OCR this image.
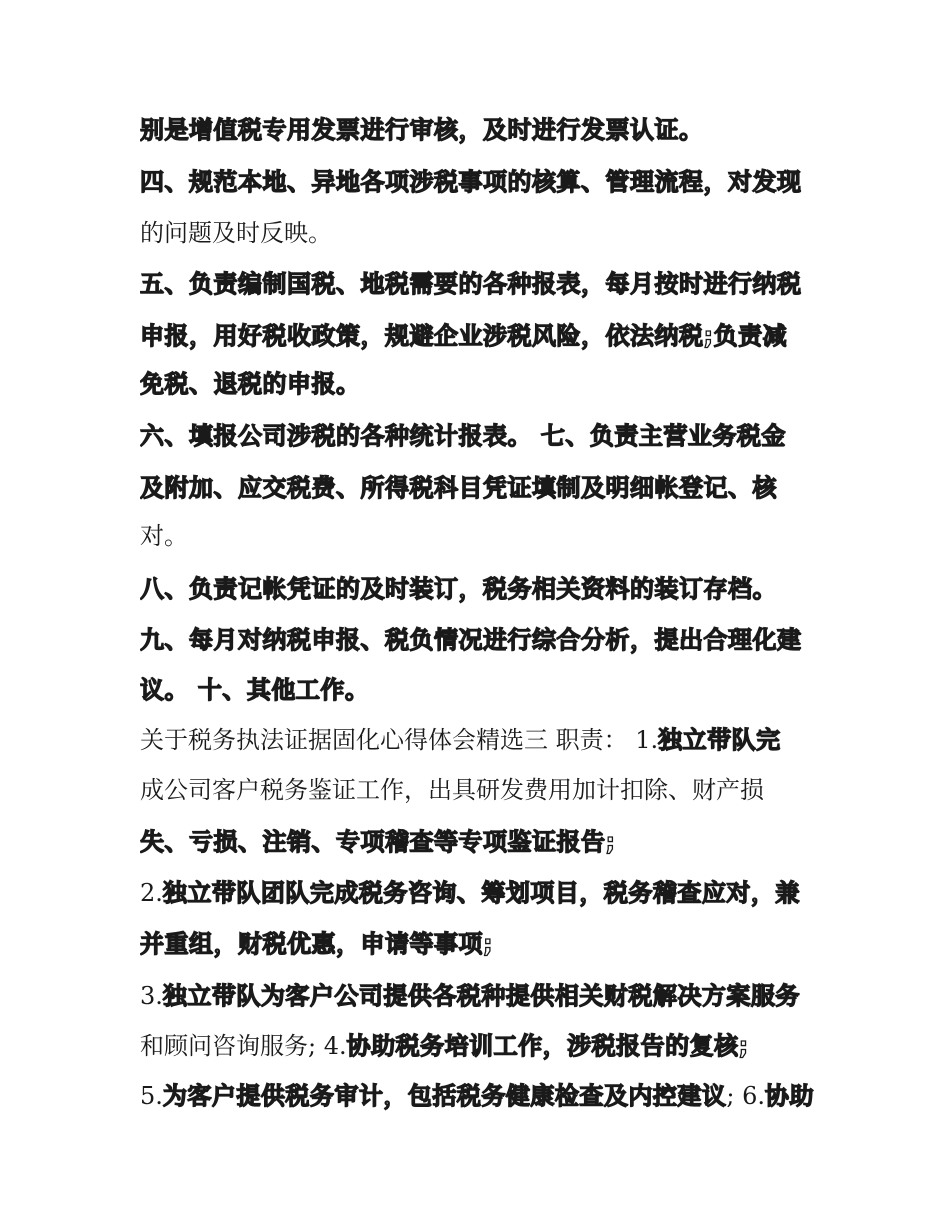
别是增值税专用发票进行审核，及时进行发票认证。
四、规范本地、异地各项涉税事项的核算、管理流程，对发现
的问题及时反映。
五、负责编制国税、地税需要的各种报表，每月按时进行纳税
申报，用好税收政策，规避企业涉税风险，依法纳税;负责减
免税、退税的申报。
六、填报公司涉税的各种统计报表。 七、负责主营业务税金
及附加、应交税费、所得税科目凭证填制及明细帐登记、核
对。
八、负责记帐凭证的及时装订，税务相关资料的装订存档。
九、每月对纳税申报、税负情况进行综合分析，提出合理化建
议。 十、其他工作。
关于税务执法证据固化心得体会精选三 职责： 1.独立带队完
成公司客户税务鉴证工作，出具研发费用加计扣除、财产损
失、亏损、注销、专项稽查等专项鉴证报告;
2.独立带队团队完成税务咨询、筹划项目，税务稽查应对，兼
并重组，财税优惠，申请等事项;
3.独立带队为客户公司提供各税种提供相关财税解决方案服务
和顾问咨询服务; 4.协助税务培训工作，涉税报告的复核;
5.为客户提供税务审计，包括税务健康检查及内控建议; 6.协助
